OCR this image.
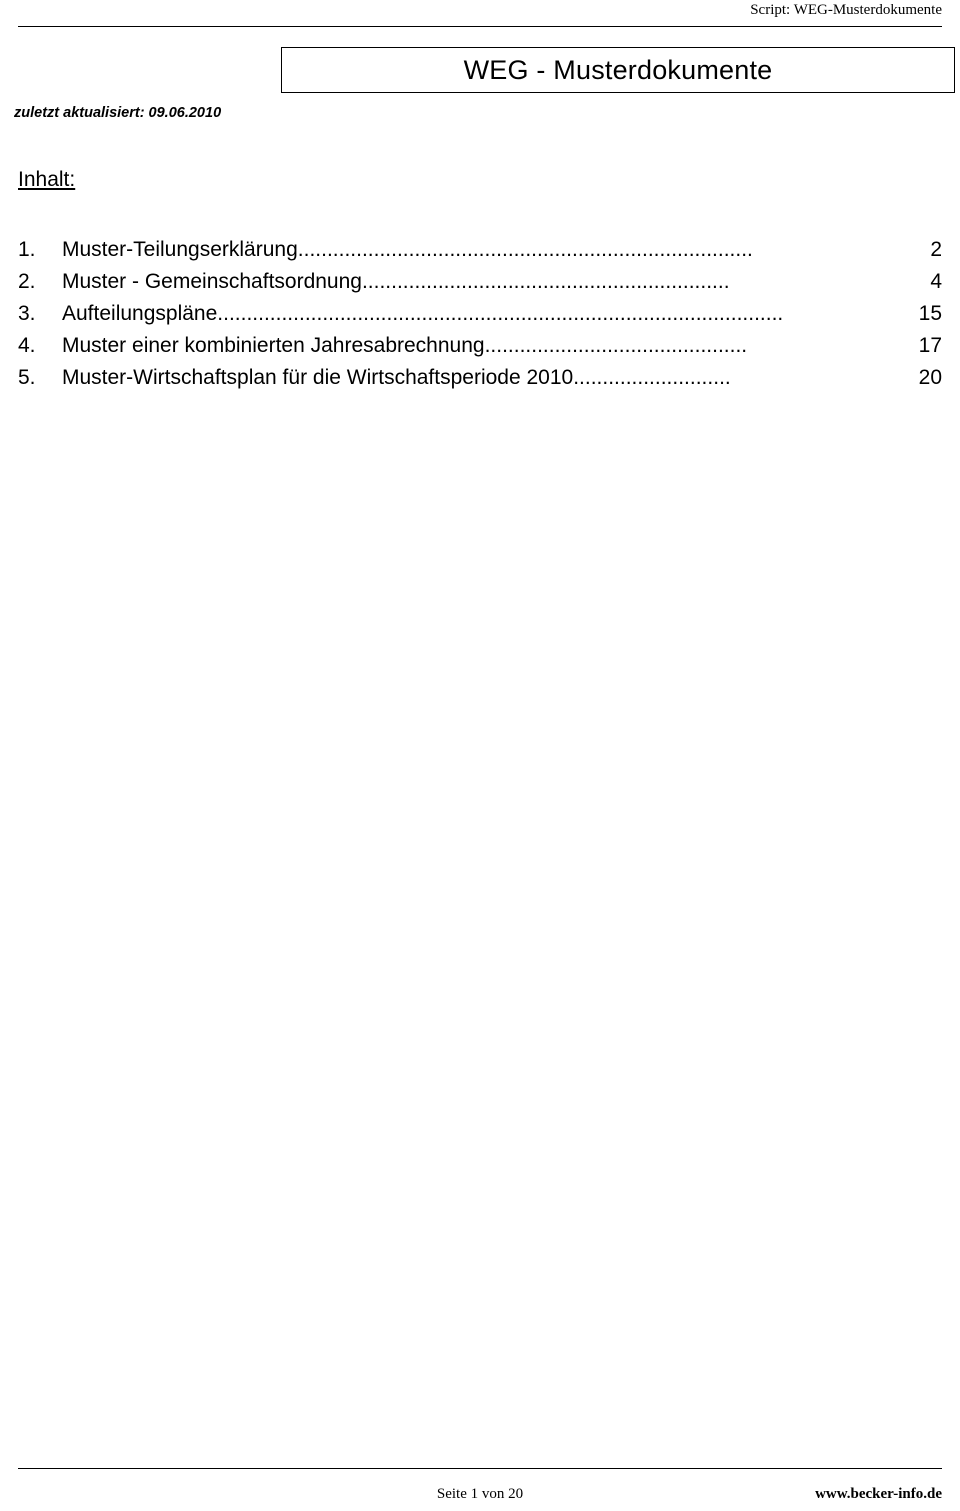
Script: WEG-Musterdokumente
WEG - Musterdokumente
zuletzt aktualisiert: 09.06.2010
Inhalt:
1.	Muster-Teilungserklärung ..............................................................................	2
2.	Muster - Gemeinschaftsordnung ...............................................................	4
3.	Aufteilungspläne .................................................................................................	15
4.	Muster einer kombinierten Jahresabrechnung .............................................	17
5.	Muster-Wirtschaftsplan für die Wirtschaftsperiode 2010 ...........................	20
Seite 1 von 20	www.becker-info.de
